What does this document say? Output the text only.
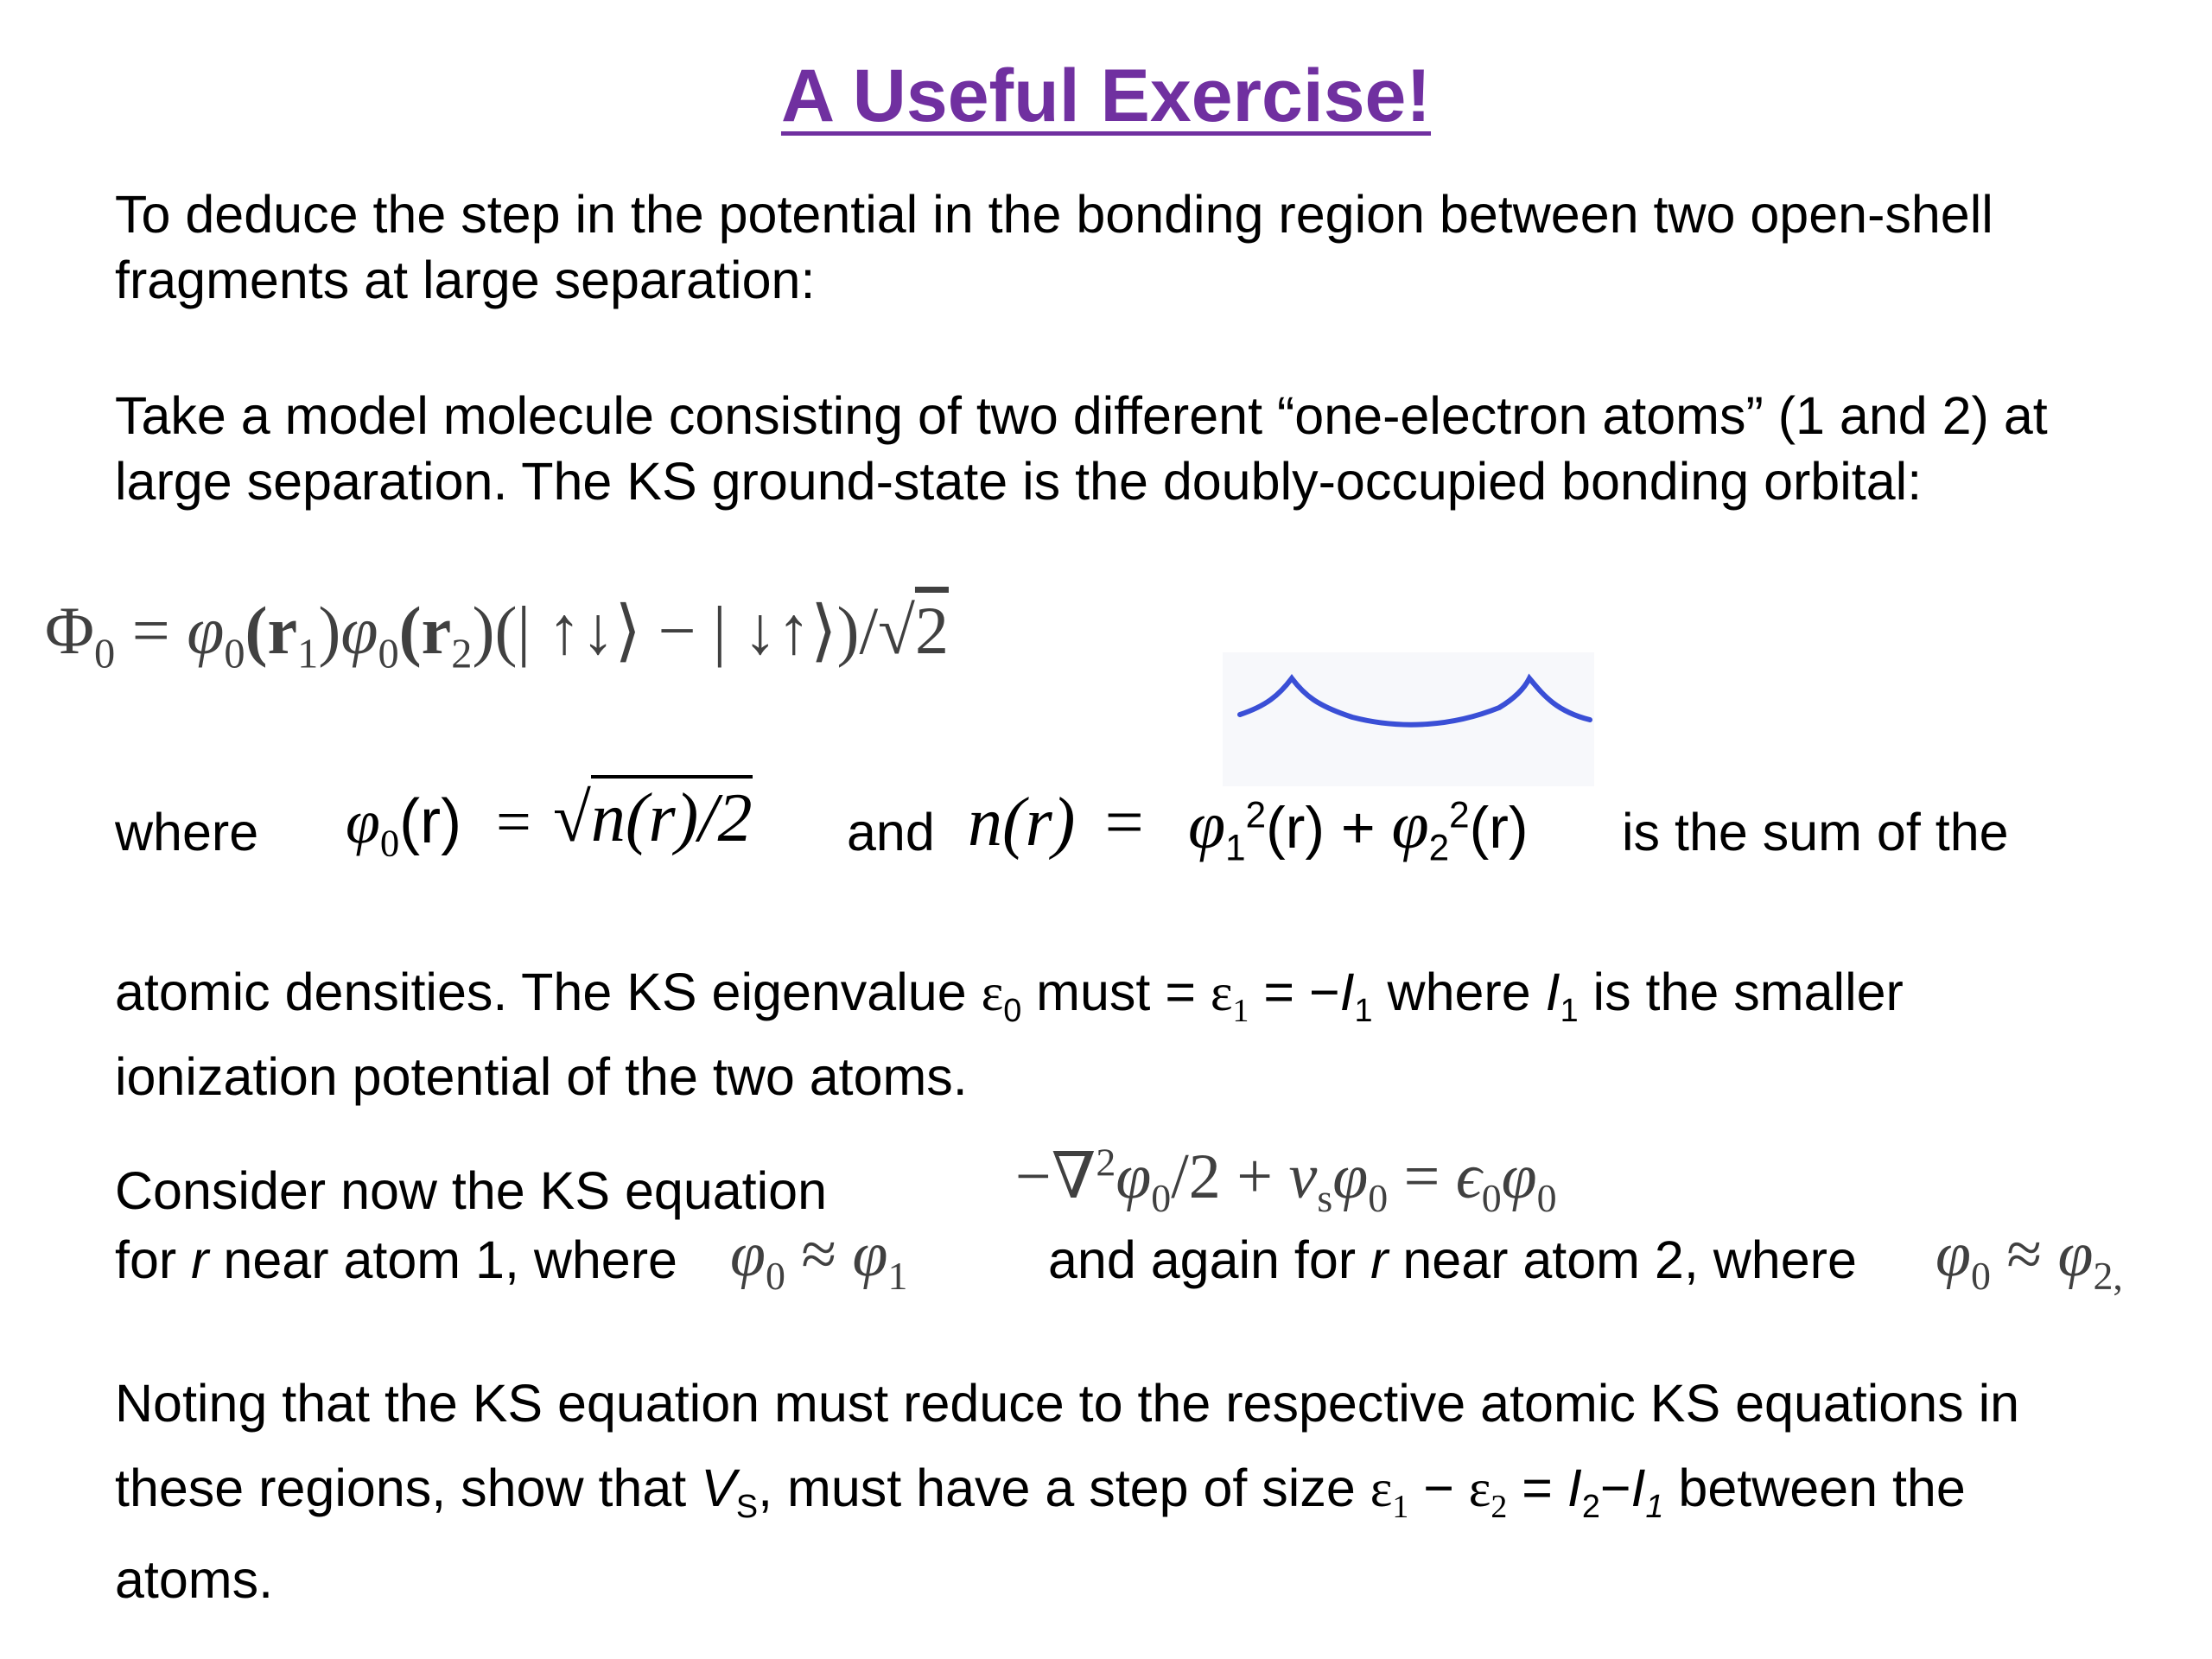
A Useful Exercise!
To deduce the step in the potential in the bonding region between two open-shell
fragments at large separation:
Take a model molecule consisting of two different “one-electron atoms” (1 and 2) at
large separation. The KS ground-state is the doubly-occupied bonding orbital:
$\Phi_0 = \varphi_0(r_1)\varphi_0(r_2)(|$ ↑↓⟩ − | ↓↑⟩)/√2
where $\varphi_0(r) = √n(r)/2$ and $n(r) = \varphi_1^2(r) + \varphi_2^2(r)$ is the sum of the
atomic densities. The KS eigenvalue $\varepsilon_0$ must = $\varepsilon_1 = -I_1$ where $I_1$ is the smaller
ionization potential of the two atoms.
Consider now the KS equation	$-\nabla^2\varphi_0/2 + v_s\varphi_0 = \epsilon_0\varphi_0$
for r near atom 1, where $\varphi_0 \approx \varphi_1$	and again for r near atom 2, where $\varphi_0 \approx \varphi_{2,}$
Noting that the KS equation must reduce to the respective atomic KS equations in
these regions, show that $V_S$, must have a step of size $\varepsilon_1 - \varepsilon_2 = I_2-I_1$ between the
atoms.
